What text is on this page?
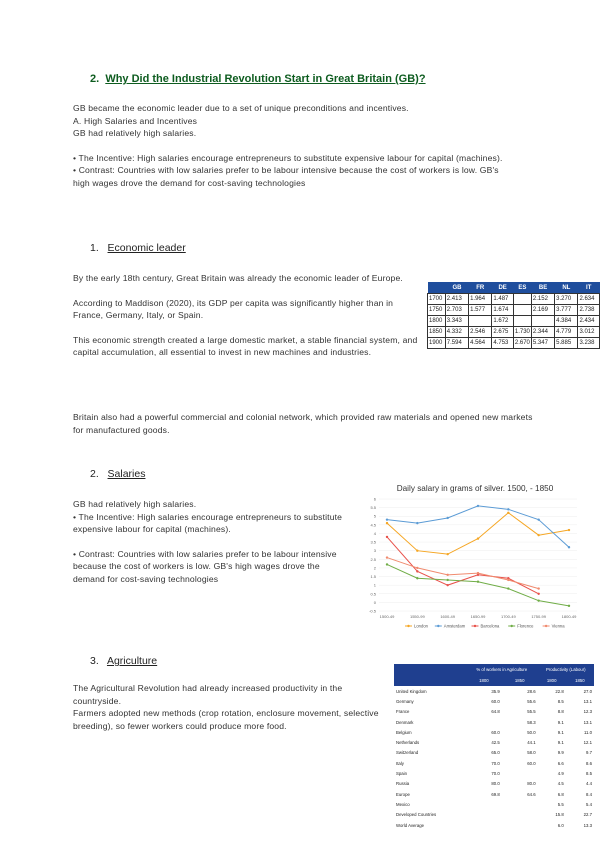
2. Why Did the Industrial Revolution Start in Great Britain (GB)?

GB became the economic leader due to a set of unique preconditions and incentives.

A. High Salaries and Incentives

GB had relatively high salaries.

• The Incentive: High salaries encourage entrepreneurs to substitute expensive labour for capital (machines).

• Contrast: Countries with low salaries prefer to be labour intensive because the cost of workers is low. GB's high wages drove the demand for cost-saving technologies

1. Economic leader

By the early 18th century, Great Britain was already the economic leader of Europe.

According to Maddison (2020), its GDP per capita was significantly higher than in France, Germany, Italy, or Spain.

This economic strength created a large domestic market, a stable financial system, and capital accumulation, all essential to invest in new machines and industries.

Britain also had a powerful commercial and colonial network, which provided raw materials and opened new markets for manufactured goods.

	GB	FR	DE	ES	BE	NL	IT
1700	2.413	1.964	1.487		2.152	3.270	2.634
1750	2.703	1.577	1.674		2.169	3.777	2.738
1800	3.343		1.672			4.384	2.434
1850	4.332	2.546	2.675	1.730	2.344	4.779	3.012
1900	7.594	4.564	4.753	2.670	5.347	5.885	3.238
2. Salaries

GB had relatively high salaries.

• The Incentive: High salaries encourage entrepreneurs to substitute expensive labour for capital (machines).

• Contrast: Countries with low salaries prefer to be labour intensive because the cost of workers is low. GB's high wages drove the demand for cost-saving technologies

Daily salary in grams of silver. 1500, - 1850
6
5.5
5
4.5
4
3.5
3
2.5
2
1.5
1
0.5
0
-0.5
1500-49	1550-99	1600-49	1650-99	1700-49	1750-99	1800-49
London	Amsterdam	Barcelona	Florence	Vienna
3. Agriculture

The Agricultural Revolution had already increased productivity in the countryside.

Farmers adopted new methods (crop rotation, enclosure movement, selective breeding), so fewer workers could produce more food.

	% of workers in Agriculture		Productivity (Labour)	
	1800	1850	1800	1850
United Kingdom	35.9	28.6	22.8	27.0
Germany	60.0	55.6	8.5	13.1
France	64.8	55.5	8.8	12.3
Denmark		58.3	9.1	13.1
Belgium	60.0	50.0	9.1	11.0
Netherlands	42.5	44.1	9.1	12.1
Switzerland	65.0	58.0	9.9	9.7
Italy	70.0	60.0	6.6	8.6
Spain	70.0		4.9	8.5
Russia	80.0	80.0	4.5	4.4
Europe	69.8	64.6	6.8	8.4
Mexico			5.5	5.4
Developed Countries			15.8	22.7
World Average			6.0	13.3
